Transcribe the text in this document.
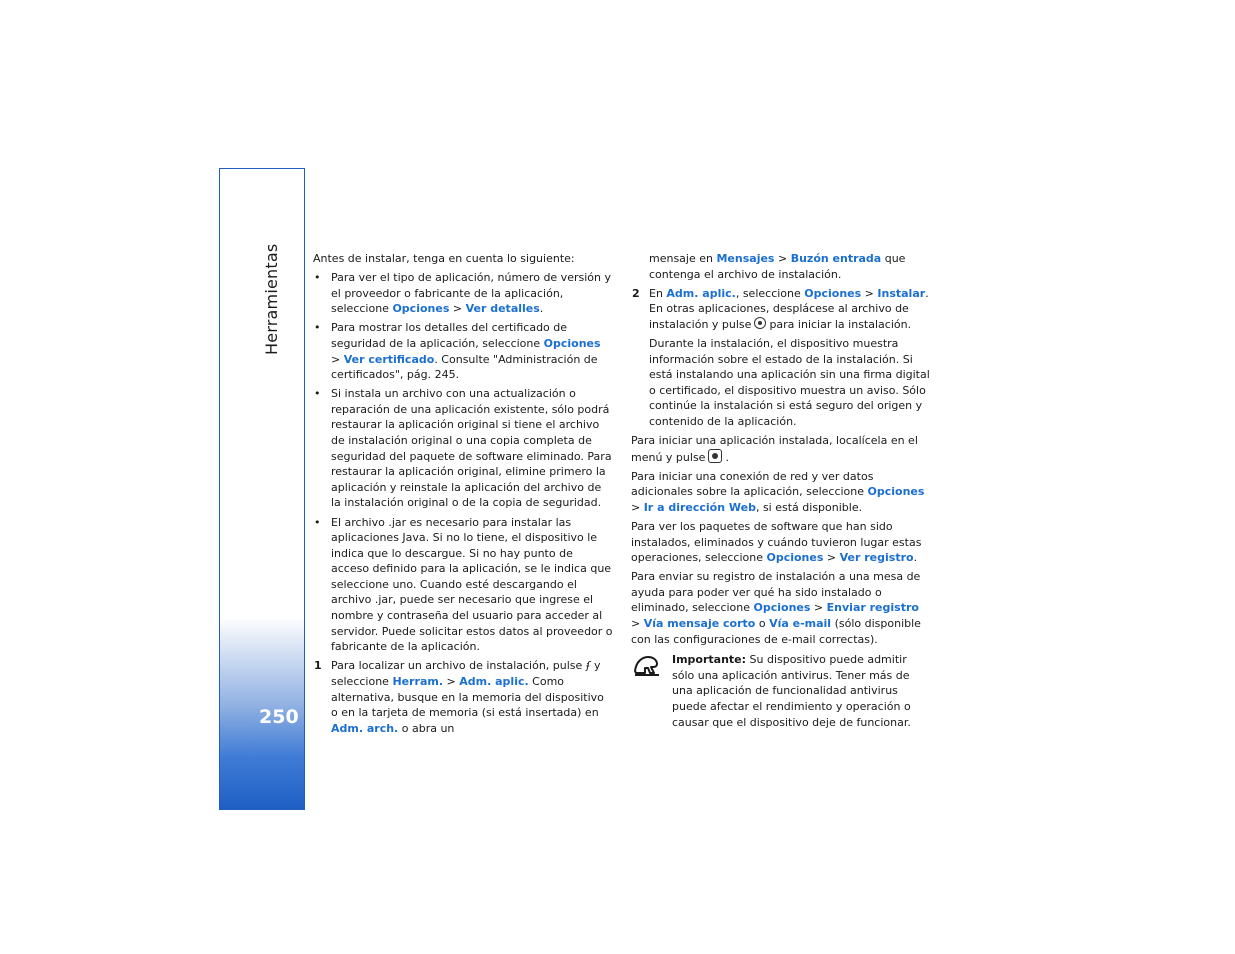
Herramientas
250

Antes de instalar, tenga en cuenta lo siguiente:

• Para ver el tipo de aplicación, número de versión y el proveedor o fabricante de la aplicación, seleccione Opciones > Ver detalles.
• Para mostrar los detalles del certificado de seguridad de la aplicación, seleccione Opciones > Ver certificado. Consulte "Administración de certificados", pág. 245.
• Si instala un archivo con una actualización o reparación de una aplicación existente, sólo podrá restaurar la aplicación original si tiene el archivo de instalación original o una copia completa de seguridad del paquete de software eliminado. Para restaurar la aplicación original, elimine primero la aplicación y reinstale la aplicación del archivo de la instalación original o de la copia de seguridad.
• El archivo .jar es necesario para instalar las aplicaciones Java. Si no lo tiene, el dispositivo le indica que lo descargue. Si no hay punto de acceso definido para la aplicación, se le indica que seleccione uno. Cuando esté descargando el archivo .jar, puede ser necesario que ingrese el nombre y contraseña del usuario para acceder al servidor. Puede solicitar estos datos al proveedor o fabricante de la aplicación.
1 Para localizar un archivo de instalación, pulse ʄ y seleccione Herram. > Adm. aplic. Como alternativa, busque en la memoria del dispositivo o en la tarjeta de memoria (si está insertada) en Adm. arch. o abra un

mensaje en Mensajes > Buzón entrada que contenga el archivo de instalación.

2 En Adm. aplic., seleccione Opciones > Instalar. En otras aplicaciones, desplácese al archivo de instalación y pulse para iniciar la instalación.

Durante la instalación, el dispositivo muestra información sobre el estado de la instalación. Si está instalando una aplicación sin una firma digital o certificado, el dispositivo muestra un aviso. Sólo continúe la instalación si está seguro del origen y contenido de la aplicación.

Para iniciar una aplicación instalada, localícela en el menú y pulse .

Para iniciar una conexión de red y ver datos adicionales sobre la aplicación, seleccione Opciones > Ir a dirección Web, si está disponible.

Para ver los paquetes de software que han sido instalados, eliminados y cuándo tuvieron lugar estas operaciones, seleccione Opciones > Ver registro.

Para enviar su registro de instalación a una mesa de ayuda para poder ver qué ha sido instalado o eliminado, seleccione Opciones > Enviar registro > Vía mensaje corto o Vía e-mail (sólo disponible con las configuraciones de e-mail correctas).

Importante: Su dispositivo puede admitir sólo una aplicación antivirus. Tener más de una aplicación de funcionalidad antivirus puede afectar el rendimiento y operación o causar que el dispositivo deje de funcionar.
